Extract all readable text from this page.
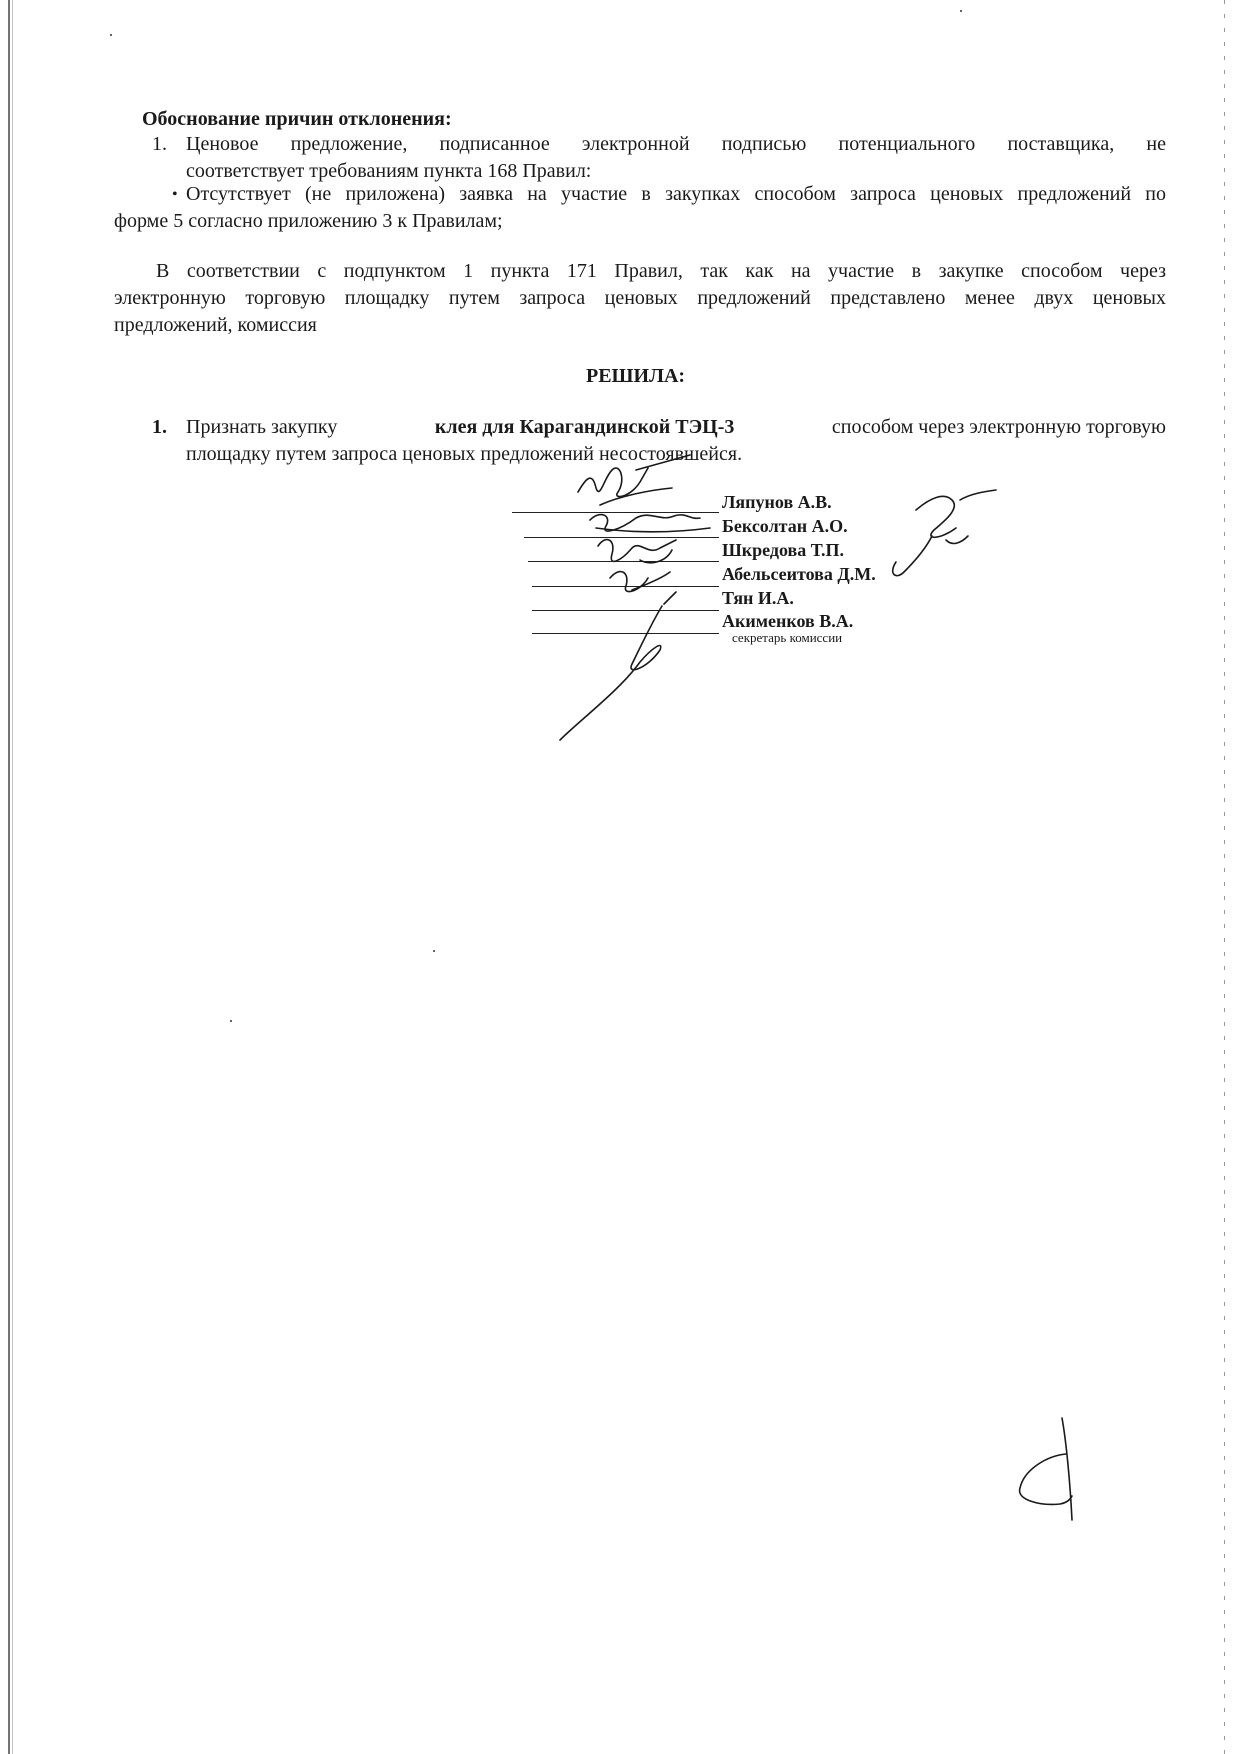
Обоснование причин отклонения:
1. Ценовое предложение, подписанное электронной подписью потенциального поставщика, не
соответствует требованиям пункта 168 Правил:
• Отсутствует (не приложена) заявка на участие в закупках способом запроса ценовых предложений по
форме 5 согласно приложению 3 к Правилам;
В соответствии с подпунктом 1 пункта 171 Правил, так как на участие в закупке способом через
электронную торговую площадку путем запроса ценовых предложений представлено менее двух ценовых
предложений, комиссия
РЕШИЛА:
1. Признать закупку	клея для Карагандинской ТЭЦ-3	способом через электронную торговую
площадку путем запроса ценовых предложений несостоявшейся.
Ляпунов А.В.
Бексолтан А.О.
Шкредова Т.П.
Абельсеитова Д.М.
Тян И.А.
Акименков В.А.
секретарь комиссии
